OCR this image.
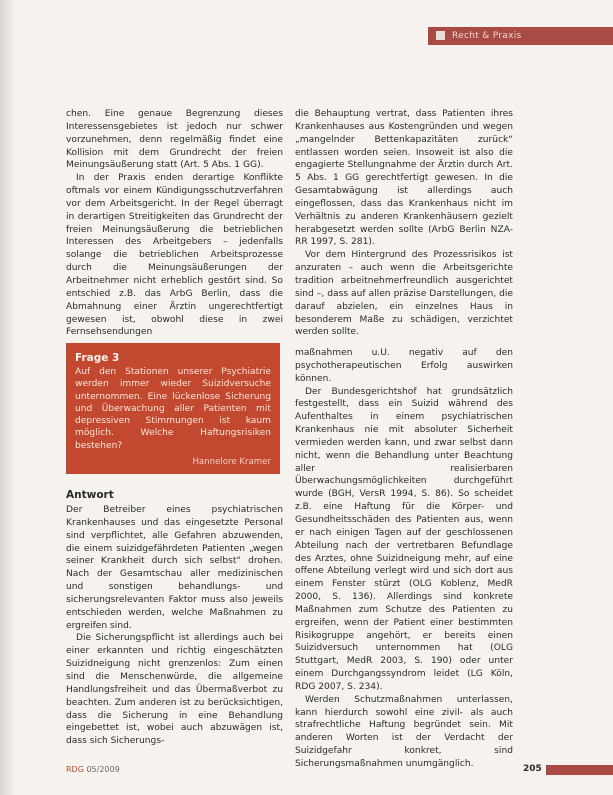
Recht & Praxis

chen. Eine genaue Begrenzung dieses Interessensgebietes ist jedoch nur schwer vorzunehmen, denn regelmäßig findet eine Kollision mit dem Grundrecht der freien Meinungsäußerung statt (Art. 5 Abs. 1 GG).

In der Praxis enden derartige Konflikte oftmals vor einem Kündigungsschutzverfahren vor dem Arbeitsgericht. In der Regel überragt in derartigen Streitigkeiten das Grundrecht der freien Meinungsäußerung die betrieblichen Interessen des Arbeitgebers – jedenfalls solange die betrieblichen Arbeitsprozesse durch die Meinungsäußerungen der Arbeitnehmer nicht erheblich gestört sind. So entschied z.B. das ArbG Berlin, dass die Abmahnung einer Ärztin ungerechtfertigt gewesen ist, obwohl diese in zwei Fernsehsendungen

die Behauptung vertrat, dass Patienten ihres Krankenhauses aus Kostengründen und wegen „mangelnder Bettenkapazitäten zurück“ entlassen worden seien. Insoweit ist also die engagierte Stellungnahme der Ärztin durch Art. 5 Abs. 1 GG gerechtfertigt gewesen. In die Gesamtabwägung ist allerdings auch eingeflossen, dass das Krankenhaus nicht im Verhältnis zu anderen Krankenhäusern gezielt herabgesetzt werden sollte (ArbG Berlin NZA-RR 1997, S. 281).

Vor dem Hintergrund des Prozessrisikos ist anzuraten – auch wenn die Arbeitsgerichte tradition arbeitnehmerfreundlich ausgerichtet sind –, dass auf allen präzise Darstellungen, die darauf abzielen, ein einzelnes Haus in besonderem Maße zu schädigen, verzichtet werden sollte.

Frage 3

Auf den Stationen unserer Psychiatrie werden immer wieder Suizidversuche unternommen. Eine lückenlose Sicherung und Überwachung aller Patienten mit depressiven Stimmungen ist kaum möglich. Welche Haftungsrisiken bestehen?

Hannelore Kramer
Antwort

Der Betreiber eines psychiatrischen Krankenhauses und das eingesetzte Personal sind verpflichtet, alle Gefahren abzuwenden, die einem suizidgefährdeten Patienten „wegen seiner Krankheit durch sich selbst“ drohen. Nach der Gesamtschau aller medizinischen und sonstigen behandlungs- und sicherungsrelevanten Faktor muss also jeweils entschieden werden, welche Maßnahmen zu ergreifen sind.

Die Sicherungspflicht ist allerdings auch bei einer erkannten und richtig eingeschätzten Suizidneigung nicht grenzenlos: Zum einen sind die Menschenwürde, die allgemeine Handlungsfreiheit und das Übermaßverbot zu beachten. Zum anderen ist zu berücksichtigen, dass die Sicherung in eine Behandlung eingebettet ist, wobei auch abzuwägen ist, dass sich Sicherungs-

maßnahmen u.U. negativ auf den psychotherapeutischen Erfolg auswirken können.

Der Bundesgerichtshof hat grundsätzlich festgestellt, dass ein Suizid während des Aufenthaltes in einem psychiatrischen Krankenhaus nie mit absoluter Sicherheit vermieden werden kann, und zwar selbst dann nicht, wenn die Behandlung unter Beachtung aller realisierbaren Überwachungsmöglichkeiten durchgeführt wurde (BGH, VersR 1994, S. 86). So scheidet z.B. eine Haftung für die Körper- und Gesundheitsschäden des Patienten aus, wenn er nach einigen Tagen auf der geschlossenen Abteilung nach der vertretbaren Befundlage des Arztes, ohne Suizidneigung mehr, auf eine offene Abteilung verlegt wird und sich dort aus einem Fenster stürzt (OLG Koblenz, MedR 2000, S. 136). Allerdings sind konkrete Maßnahmen zum Schutze des Patienten zu ergreifen, wenn der Patient einer bestimmten Risikogruppe angehört, er bereits einen Suizidversuch unternommen hat (OLG Stuttgart, MedR 2003, S. 190) oder unter einem Durchgangssyndrom leidet (LG Köln, RDG 2007, S. 234).

Werden Schutzmaßnahmen unterlassen, kann hierdurch sowohl eine zivil- als auch strafrechtliche Haftung begründet sein. Mit anderen Worten ist der Verdacht der Suizidgefahr konkret, sind Sicherungsmaßnahmen unumgänglich.

RDG 05/2009	205
